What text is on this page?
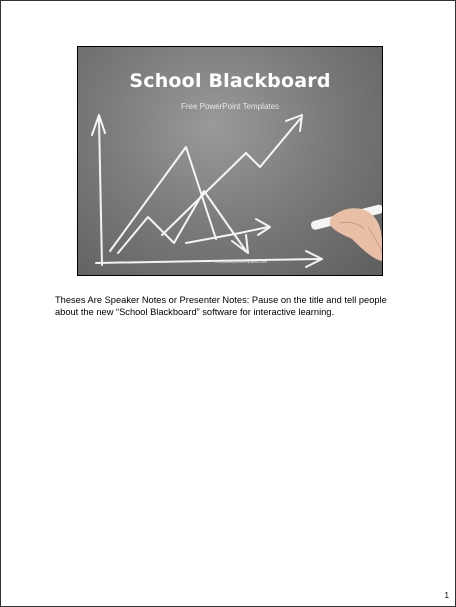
School Blackboard
Free PowerPoint Templates
freepowerpointtemplates.com
Theses Are Speaker Notes or Presenter Notes: Pause on the title and tell people about the new “School Blackboard” software for interactive learning.
1
